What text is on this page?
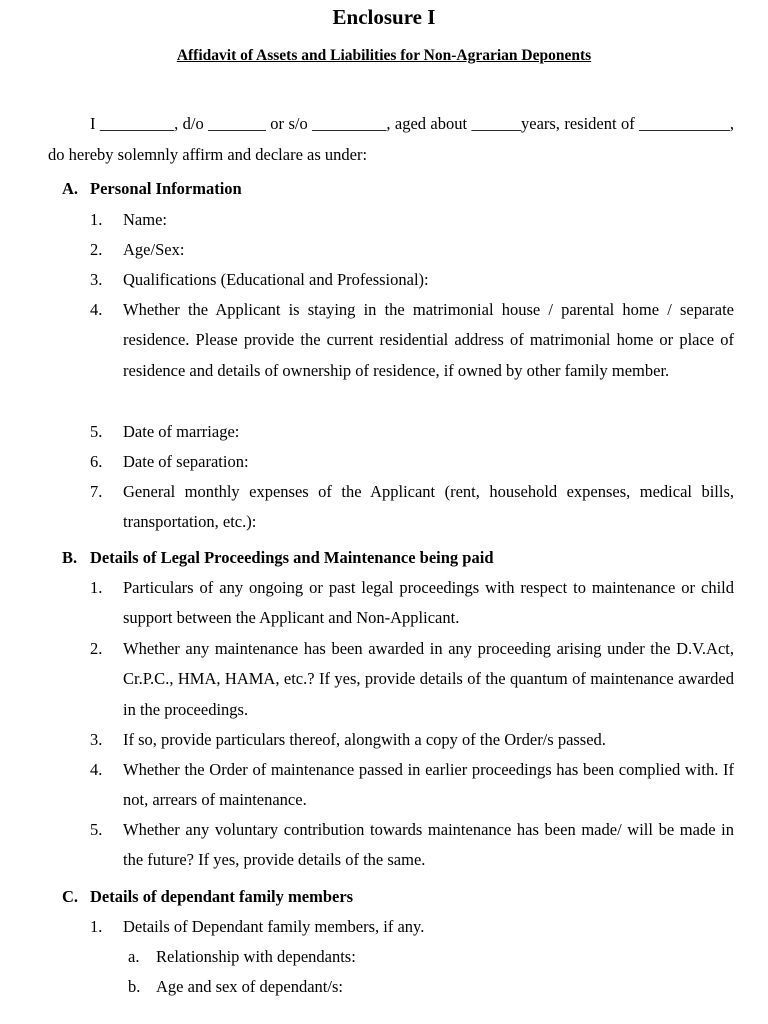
Enclosure I
Affidavit of Assets and Liabilities for Non-Agrarian Deponents
I _________, d/o _______ or s/o _________, aged about ______years, resident of ___________, do hereby solemnly affirm and declare as under:
A. Personal Information
1.	Name:
2.	Age/Sex:
3.	Qualifications (Educational and Professional):
4.	Whether the Applicant is staying in the matrimonial house / parental home / separate residence. Please provide the current residential address of matrimonial home or place of residence and details of ownership of residence, if owned by other family member.
5.	Date of marriage:
6.	Date of separation:
7.	General monthly expenses of the Applicant (rent, household expenses, medical bills, transportation, etc.):
B. Details of Legal Proceedings and Maintenance being paid
1.	Particulars of any ongoing or past legal proceedings with respect to maintenance or child support between the Applicant and Non-Applicant.
2.	Whether any maintenance has been awarded in any proceeding arising under the D.V.Act, Cr.P.C., HMA, HAMA, etc.? If yes, provide details of the quantum of maintenance awarded in the proceedings.
3.	If so, provide particulars thereof, alongwith a copy of the Order/s passed.
4.	Whether the Order of maintenance passed in earlier proceedings has been complied with. If not, arrears of maintenance.
5.	Whether any voluntary contribution towards maintenance has been made/ will be made in the future? If yes, provide details of the same.
C. Details of dependant family members
1.	Details of Dependant family members, if any.
a.	Relationship with dependants:
b. Age and sex of dependant/s:
